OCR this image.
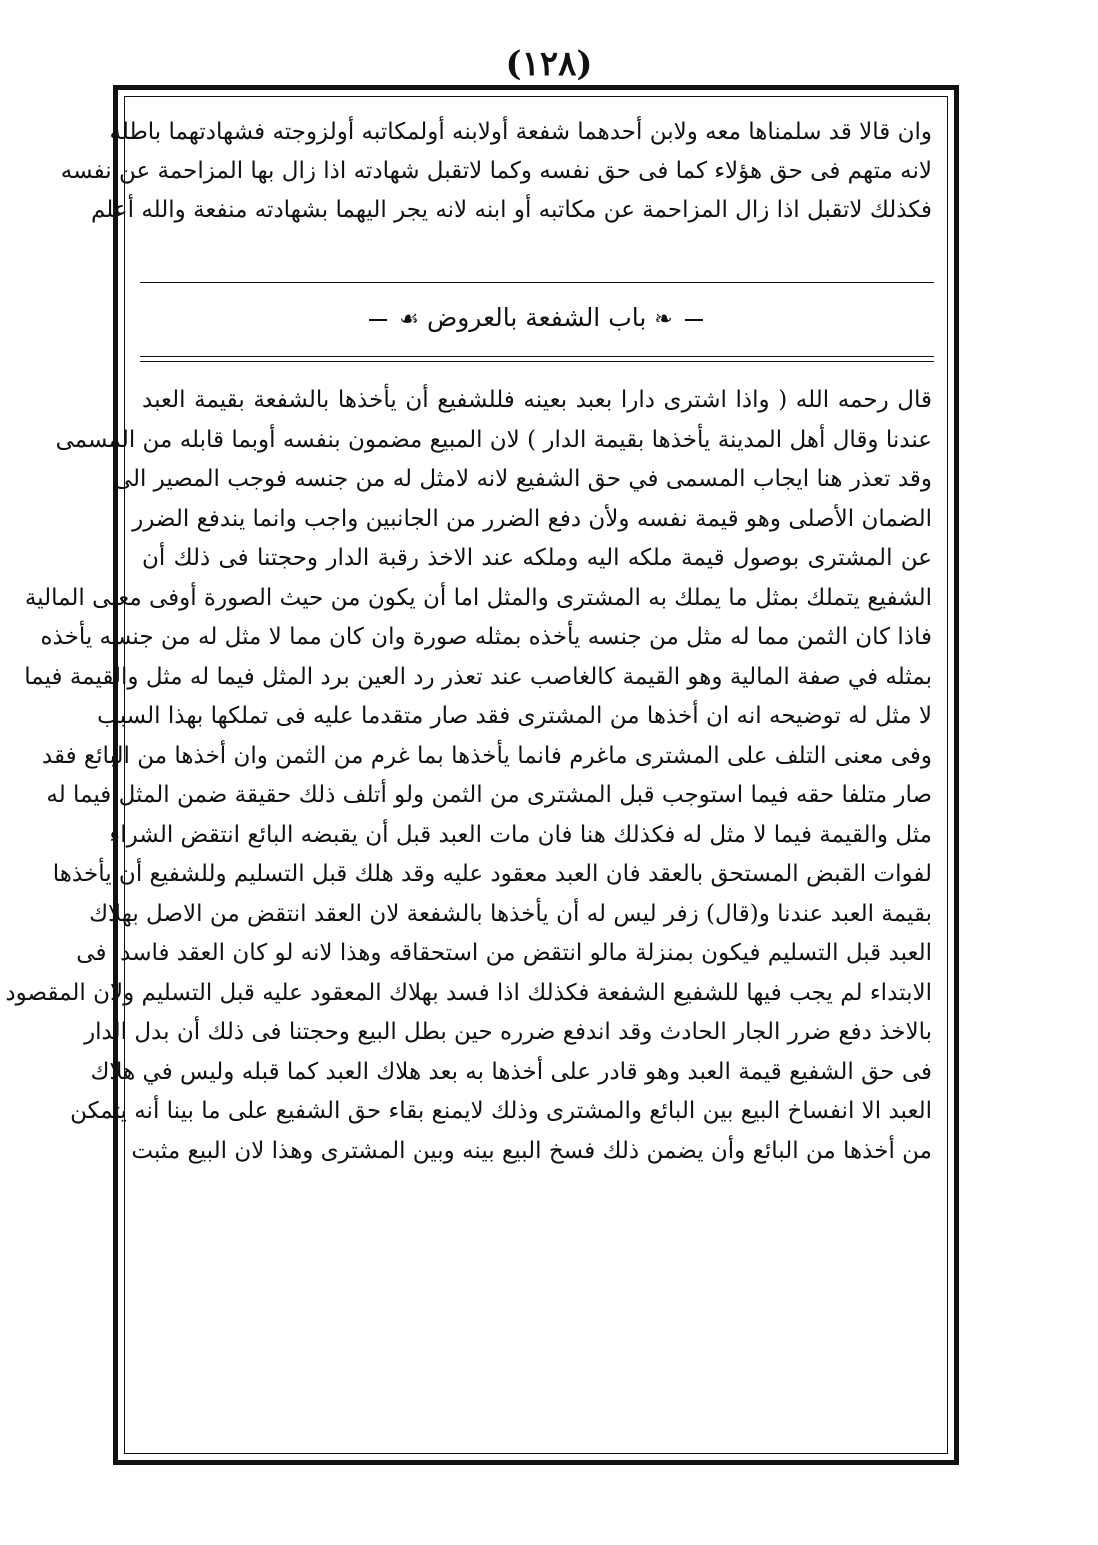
(١٢٨)
وان قالا قد سلمناها معه ولابن أحدهما شفعة أولابنه أولمكاتبه أولزوجته فشهادتهما باطلة
لانه متهم فى حق هؤلاء كما فى حق نفسه وكما لاتقبل شهادته اذا زال بها المزاحمة عن نفسه
فكذلك لاتقبل اذا زال المزاحمة عن مكاتبه أو ابنه لانه يجر اليهما بشهادته منفعة والله أعلم
❧ باب الشفعة بالعروض ☙
قال رحمه الله ( واذا اشترى دارا بعبد بعينه فللشفيع أن يأخذها بالشفعة بقيمة العبد
عندنا وقال أهل المدينة يأخذها بقيمة الدار ) لان المبيع مضمون بنفسه أوبما قابله من المسمى
وقد تعذر هنا ايجاب المسمى في حق الشفيع لانه لامثل له من جنسه فوجب المصير الى
الضمان الأصلى وهو قيمة نفسه ولأن دفع الضرر من الجانبين واجب وانما يندفع الضرر
عن المشترى بوصول قيمة ملكه اليه وملكه عند الاخذ رقبة الدار وحجتنا فى ذلك أن
الشفيع يتملك بمثل ما يملك به المشترى والمثل اما أن يكون من حيث الصورة أوفى معنى المالية
فاذا كان الثمن مما له مثل من جنسه يأخذه بمثله صورة وان كان مما لا مثل له من جنسه يأخذه
بمثله في صفة المالية وهو القيمة كالغاصب عند تعذر رد العين برد المثل فيما له مثل والقيمة فيما
لا مثل له توضيحه انه ان أخذها من المشترى فقد صار متقدما عليه فى تملكها بهذا السبب
وفى معنى التلف على المشترى ماغرم فانما يأخذها بما غرم من الثمن وان أخذها من البائع فقد
صار متلفا حقه فيما استوجب قبل المشترى من الثمن ولو أتلف ذلك حقيقة ضمن المثل فيما له
مثل والقيمة فيما لا مثل له فكذلك هنا فان مات العبد قبل أن يقبضه البائع انتقض الشراء
لفوات القبض المستحق بالعقد فان العبد معقود عليه وقد هلك قبل التسليم وللشفيع أن يأخذها
بقيمة العبد عندنا و(قال) زفر ليس له أن يأخذها بالشفعة لان العقد انتقض من الاصل بهلاك
العبد قبل التسليم فيكون بمنزلة مالو انتقض من استحقاقه وهذا لانه لو كان العقد فاسدا فى
الابتداء لم يجب فيها للشفيع الشفعة فكذلك اذا فسد بهلاك المعقود عليه قبل التسليم ولان المقصود
بالاخذ دفع ضرر الجار الحادث وقد اندفع ضرره حين بطل البيع وحجتنا فى ذلك أن بدل الدار
فى حق الشفيع قيمة العبد وهو قادر على أخذها به بعد هلاك العبد كما قبله وليس في هلاك
العبد الا انفساخ البيع بين البائع والمشترى وذلك لايمنع بقاء حق الشفيع على ما بينا أنه يتمكن
من أخذها من البائع وأن يضمن ذلك فسخ البيع بينه وبين المشترى وهذا لان البيع مثبت
